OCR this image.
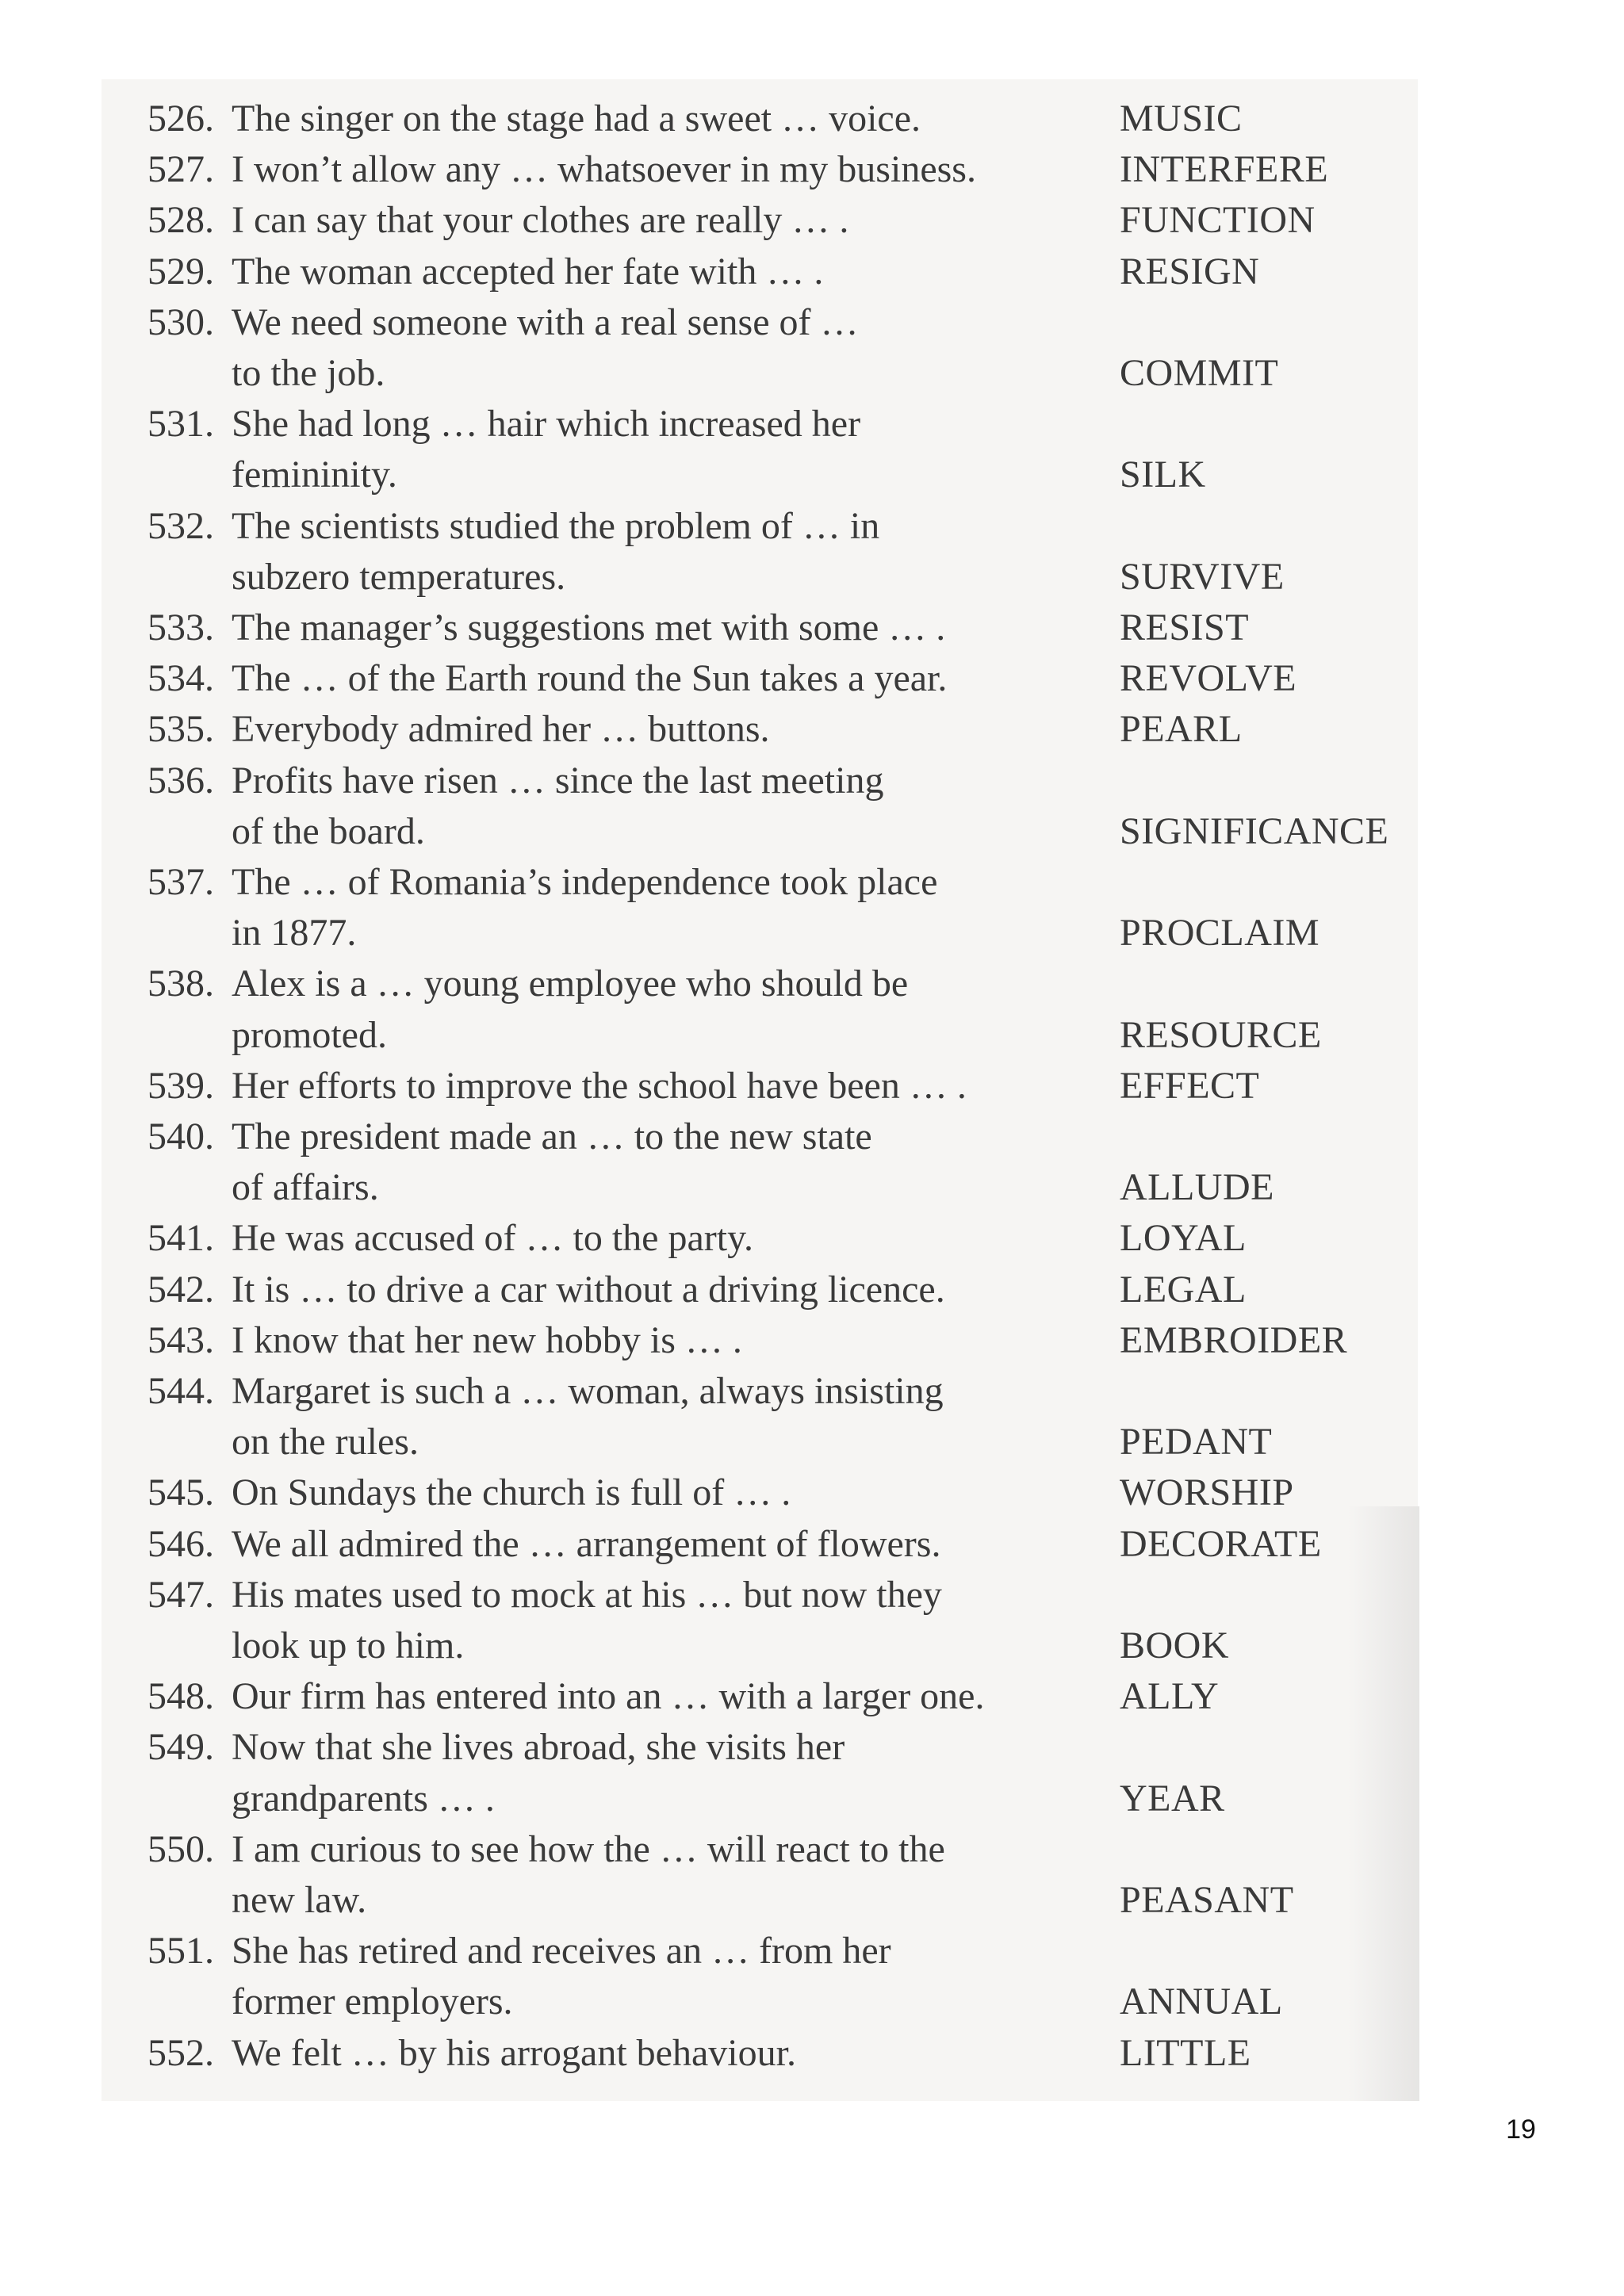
526. The singer on the stage had a sweet … voice.	MUSIC
527. I won’t allow any … whatsoever in my business.	INTERFERE
528. I can say that your clothes are really … .	FUNCTION
529. The woman accepted her fate with … .	RESIGN
530. We need someone with a real sense of …
to the job.	COMMIT
531. She had long … hair which increased her
femininity.	SILK
532. The scientists studied the problem of … in
subzero temperatures.	SURVIVE
533. The manager’s suggestions met with some … .	RESIST
534. The … of the Earth round the Sun takes a year.	REVOLVE
535. Everybody admired her … buttons.	PEARL
536. Profits have risen … since the last meeting
of the board.	SIGNIFICANCE
537. The … of Romania’s independence took place
in 1877.	PROCLAIM
538. Alex is a … young employee who should be
promoted.	RESOURCE
539. Her efforts to improve the school have been … .	EFFECT
540. The president made an … to the new state
of affairs.	ALLUDE
541. He was accused of … to the party.	LOYAL
542. It is … to drive a car without a driving licence.	LEGAL
543. I know that her new hobby is … .	EMBROIDER
544. Margaret is such a … woman, always insisting
on the rules.	PEDANT
545. On Sundays the church is full of … .	WORSHIP
546. We all admired the … arrangement of flowers.	DECORATE
547. His mates used to mock at his … but now they
look up to him.	BOOK
548. Our firm has entered into an … with a larger one.	ALLY
549. Now that she lives abroad, she visits her
grandparents … .	YEAR
550. I am curious to see how the … will react to the
new law.	PEASANT
551. She has retired and receives an … from her
former employers.	ANNUAL
552. We felt … by his arrogant behaviour.	LITTLE
19
